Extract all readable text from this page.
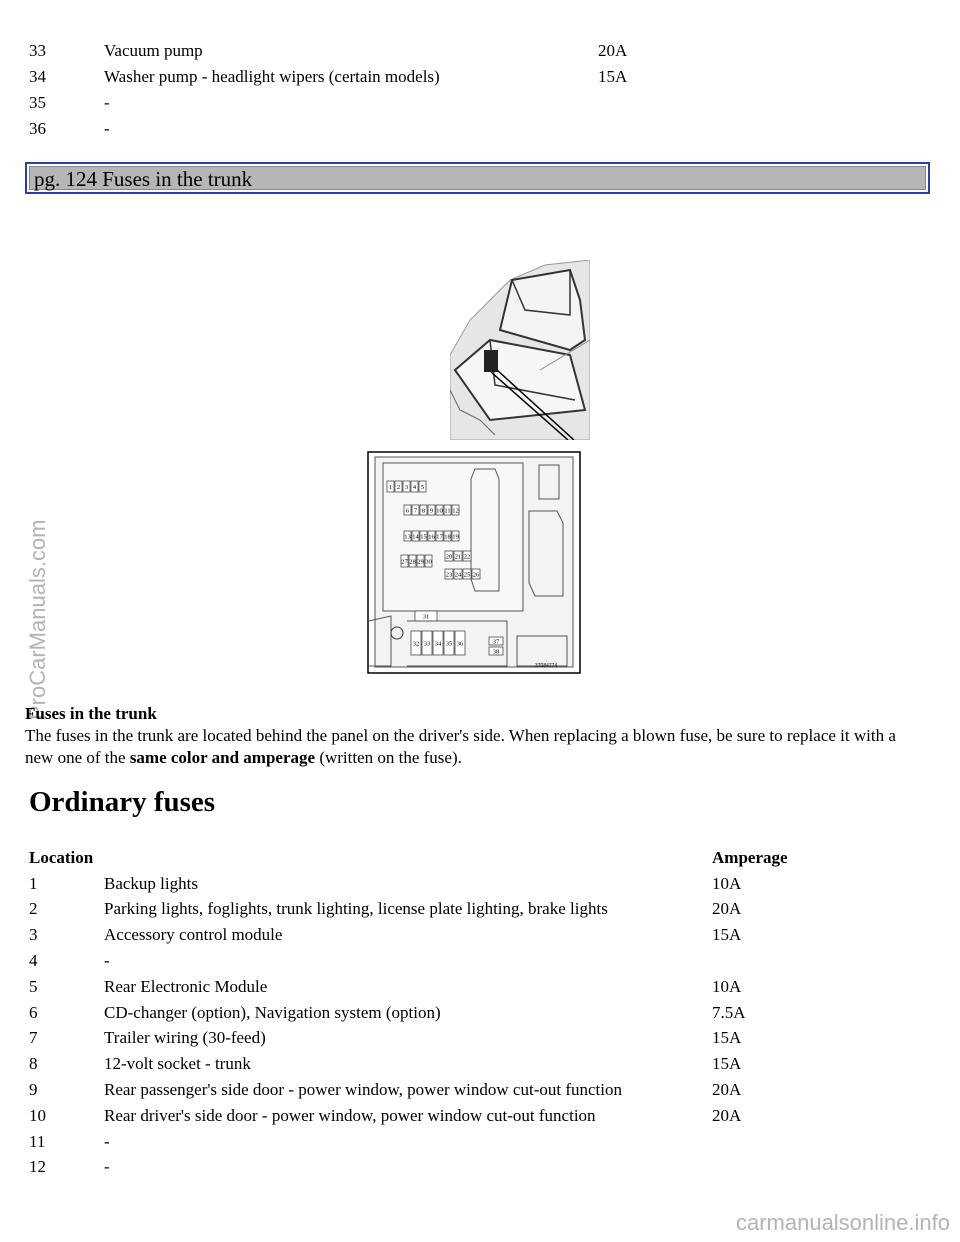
33	Vacuum pump	20A
34	Washer pump - headlight wipers (certain models)	15A
35	-	
36	-	
pg. 124 Fuses in the trunk
1 2 3 4 5
6 7 8 9 10 11 12
13 14 15 16 17 18 19
27 28 29 30
20 21 22
23 24 25 26
31
32 33 34 35 36	37
38
37084774
ProCarManuals.com
Fuses in the trunk
The fuses in the trunk are located behind the panel on the driver's side. When replacing a blown fuse, be sure to replace it with a new one of the same color and amperage (written on the fuse).
Ordinary fuses
Location		Amperage
1	Backup lights	10A
2	Parking lights, foglights, trunk lighting, license plate lighting, brake lights	20A
3	Accessory control module	15A
4	-	
5	Rear Electronic Module	10A
6	CD-changer (option), Navigation system (option)	7.5A
7	Trailer wiring (30-feed)	15A
8	12-volt socket - trunk	15A
9	Rear passenger's side door - power window, power window cut-out function	20A
10	Rear driver's side door - power window, power window cut-out function	20A
11	-	
12	-	
carmanualsonline.info
